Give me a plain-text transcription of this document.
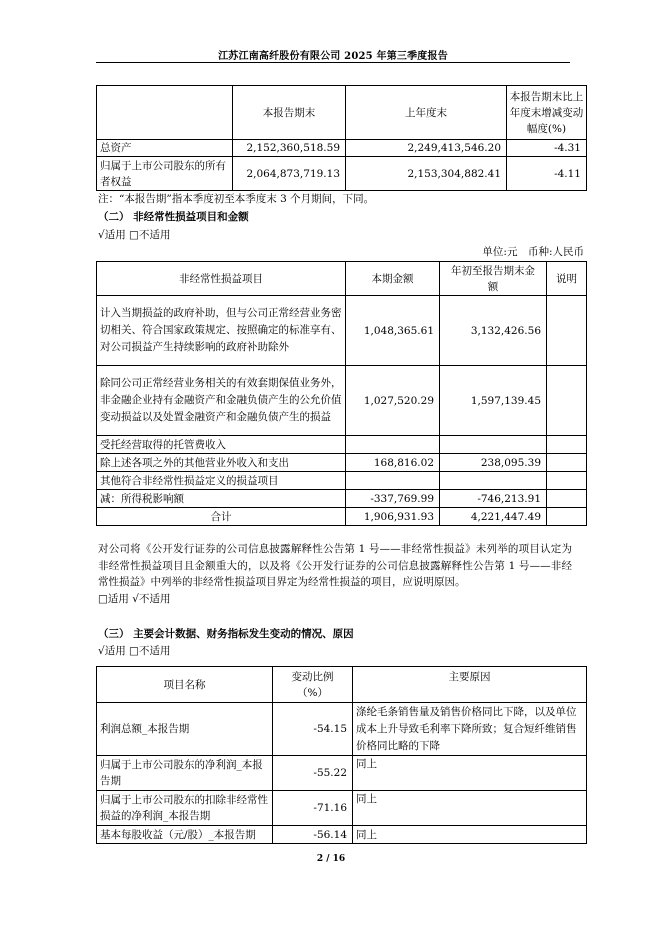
江苏江南高纤股份有限公司 2025 年第三季度报告
	本报告期末	上年度末	本报告期末比上年度末增减变动幅度(%)
总资产	2,152,360,518.59	2,249,413,546.20	-4.31
归属于上市公司股东的所有者权益	2,064,873,719.13	2,153,304,882.41	-4.11
注：“本报告期”指本季度初至本季度末 3 个月期间，下同。
（二） 非经常性损益项目和金额
√适用 □不适用
单位:元　币种:人民币
非经常性损益项目	本期金额	年初至报告期末金额	说明
计入当期损益的政府补助，但与公司正常经营业务密切相关、符合国家政策规定、按照确定的标准享有、对公司损益产生持续影响的政府补助除外	1,048,365.61	3,132,426.56	
除同公司正常经营业务相关的有效套期保值业务外，非金融企业持有金融资产和金融负债产生的公允价值变动损益以及处置金融资产和金融负债产生的损益	1,027,520.29	1,597,139.45	
受托经营取得的托管费收入			
除上述各项之外的其他营业外收入和支出	168,816.02	238,095.39	
其他符合非经常性损益定义的损益项目			
减：所得税影响额	-337,769.99	-746,213.91	
合计	1,906,931.93	4,221,447.49	
对公司将《公开发行证券的公司信息披露解释性公告第 1 号——非经常性损益》未列举的项目认定为非经常性损益项目且金额重大的，以及将《公开发行证券的公司信息披露解释性公告第 1 号——非经常性损益》中列举的非经常性损益项目界定为经常性损益的项目，应说明原因。
□适用 √不适用
（三） 主要会计数据、财务指标发生变动的情况、原因
√适用 □不适用
项目名称	变动比例（%）	主要原因
利润总额_本报告期	-54.15	涤纶毛条销售量及销售价格同比下降，以及单位成本上升导致毛利率下降所致；复合短纤维销售价格同比略的下降
归属于上市公司股东的净利润_本报告期	-55.22	同上
归属于上市公司股东的扣除非经常性损益的净利润_本报告期	-71.16	同上
基本每股收益（元/股）_本报告期	-56.14	同上
2 / 16
